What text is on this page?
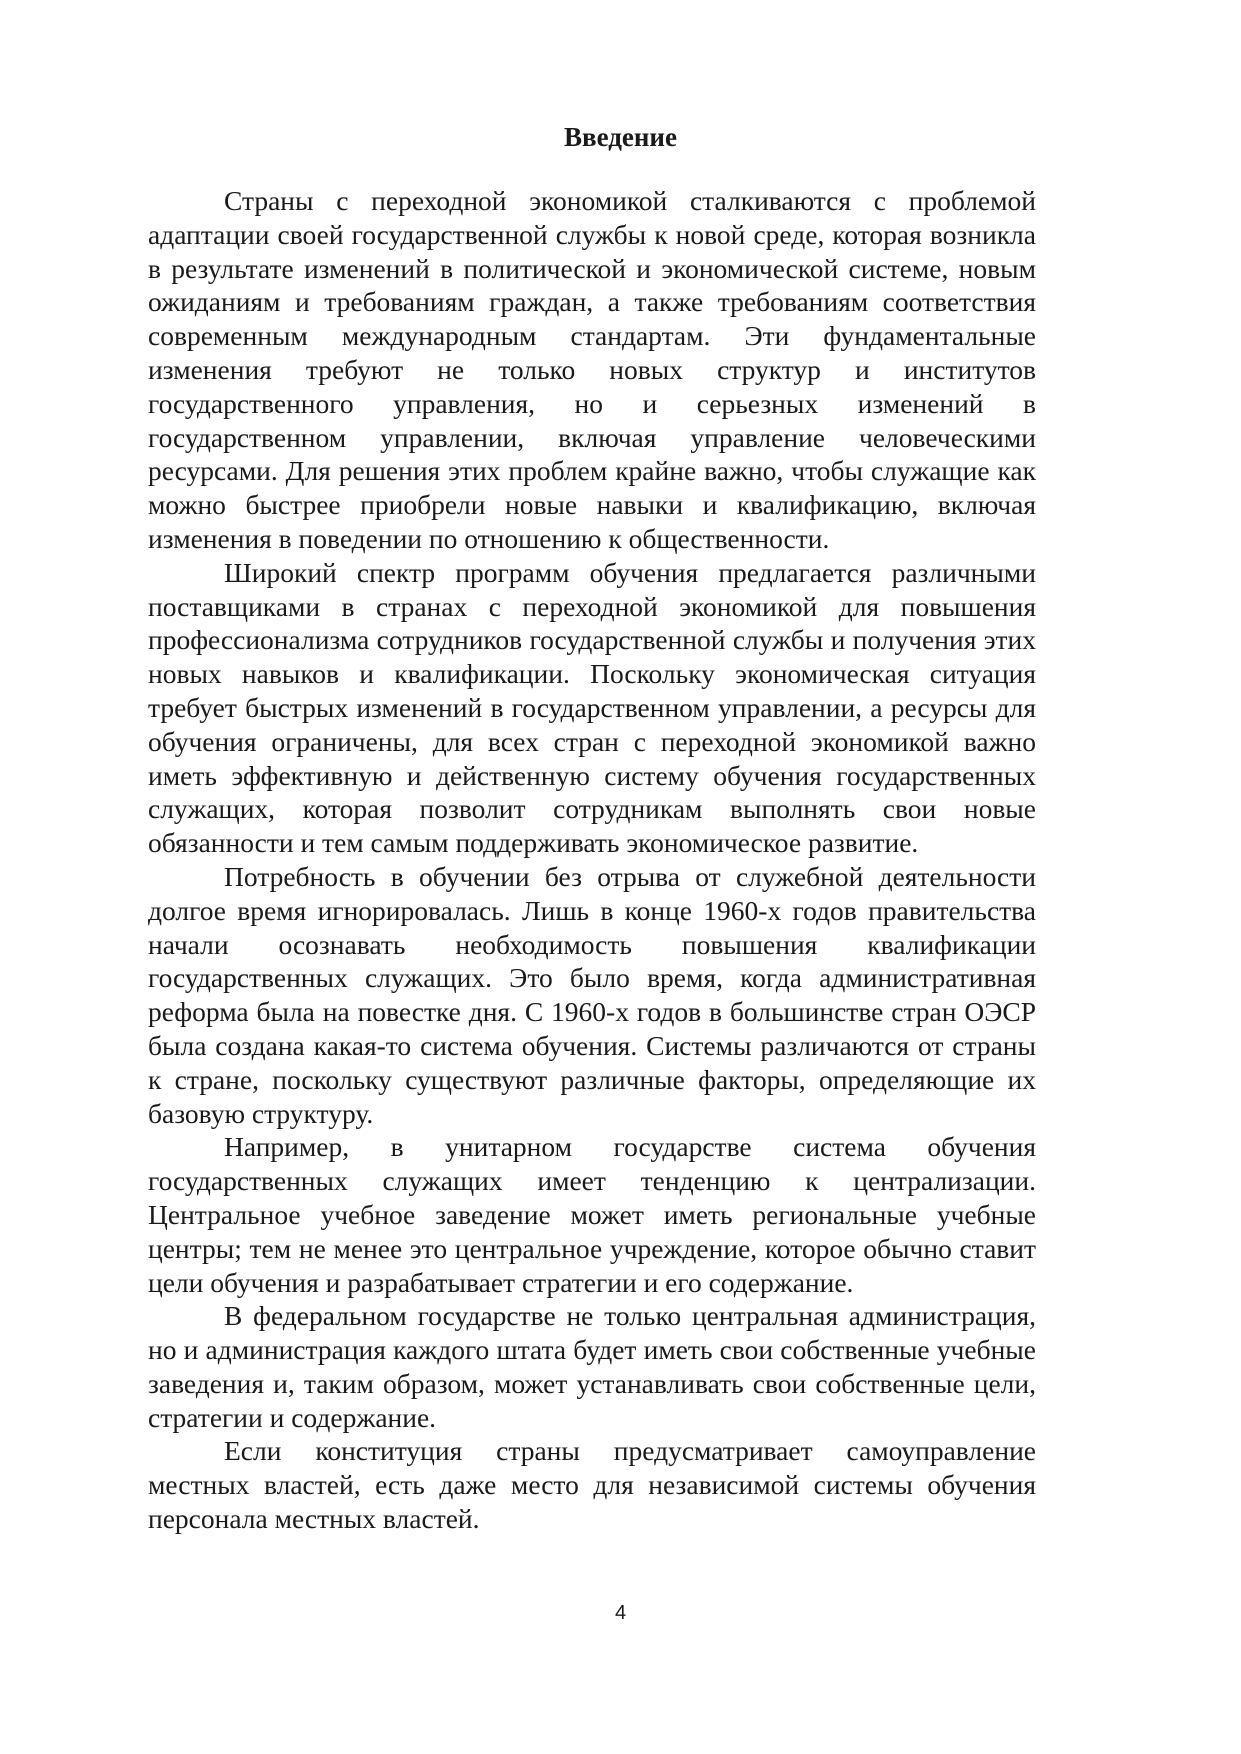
Введение

Страны с переходной экономикой сталкиваются с проблемой адаптации своей государственной службы к новой среде, которая возникла в результате изменений в политической и экономической системе, новым ожиданиям и требованиям граждан, а также требованиям соответствия современным международным стандартам. Эти фундаментальные изменения требуют не только новых структур и институтов государственного управления, но и серьезных изменений в государственном управлении, включая управление человеческими ресурсами. Для решения этих проблем крайне важно, чтобы служащие как можно быстрее приобрели новые навыки и квалификацию, включая изменения в поведении по отношению к общественности.

Широкий спектр программ обучения предлагается различными поставщиками в странах с переходной экономикой для повышения профессионализма сотрудников государственной службы и получения этих новых навыков и квалификации. Поскольку экономическая ситуация требует быстрых изменений в государственном управлении, а ресурсы для обучения ограничены, для всех стран с переходной экономикой важно иметь эффективную и действенную систему обучения государственных служащих, которая позволит сотрудникам выполнять свои новые обязанности и тем самым поддерживать экономическое развитие.

Потребность в обучении без отрыва от служебной деятельности долгое время игнорировалась. Лишь в конце 1960-х годов правительства начали осознавать необходимость повышения квалификации государственных служащих. Это было время, когда административная реформа была на повестке дня. С 1960-х годов в большинстве стран ОЭСР была создана какая-то система обучения. Системы различаются от страны к стране, поскольку существуют различные факторы, определяющие их базовую структуру.

Например, в унитарном государстве система обучения государственных служащих имеет тенденцию к централизации. Центральное учебное заведение может иметь региональные учебные центры; тем не менее это центральное учреждение, которое обычно ставит цели обучения и разрабатывает стратегии и его содержание.

В федеральном государстве не только центральная администрация, но и администрация каждого штата будет иметь свои собственные учебные заведения и, таким образом, может устанавливать свои собственные цели, стратегии и содержание.

Если конституция страны предусматривает самоуправление местных властей, есть даже место для независимой системы обучения персонала местных властей.

4
